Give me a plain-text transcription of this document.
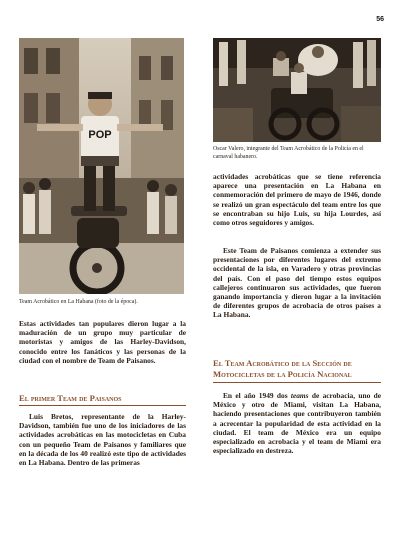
56
POP
Team Acrobático en La Habana (foto de la época).
Oscar Valero, integrante del Team Acrobático de la Policía en el carnaval habanero.

Estas actividades tan populares dieron lugar a la maduración de un grupo muy particular de motoristas y amigos de las Harley-Davidson, conocido entre los fanáticos y las personas de la ciudad con el nombre de Team de Paisanos.

El primer Team de Paisanos

Luis Bretos, representante de la Harley-Davidson, también fue uno de los iniciadores de las actividades acrobáticas en las motocicletas en Cuba con un pequeño Team de Paisanos y familiares que en la década de los 40 realizó este tipo de actividades en La Habana. Dentro de las primeras

actividades acrobáticas que se tiene referencia aparece una presentación en La Habana en conmemoración del primero de mayo de 1946, donde se realizó un gran espectáculo del team entre los que se encontraban su hijo Luis, su hija Lourdes, así como otros seguidores y amigos.

Este Team de Paisanos comienza a extender sus presentaciones por diferentes lugares del extremo occidental de la isla, en Varadero y otras provincias del país. Con el paso del tiempo estos equipos callejeros continuaron sus actividades, que fueron ganando importancia y dieron lugar a la invitación de diferentes grupos de acrobacia de otros países a La Habana.

El Team Acrobático de la Sección de Motocicletas de la Policía Nacional

En el año 1949 dos teams de acrobacia, uno de México y otro de Miami, visitan La Habana, haciendo presentaciones que contribuyeron también a acrecentar la popularidad de esta actividad en la ciudad. El team de México era un equipo especializado en acrobacia y el team de Miami era especializado en destreza.
